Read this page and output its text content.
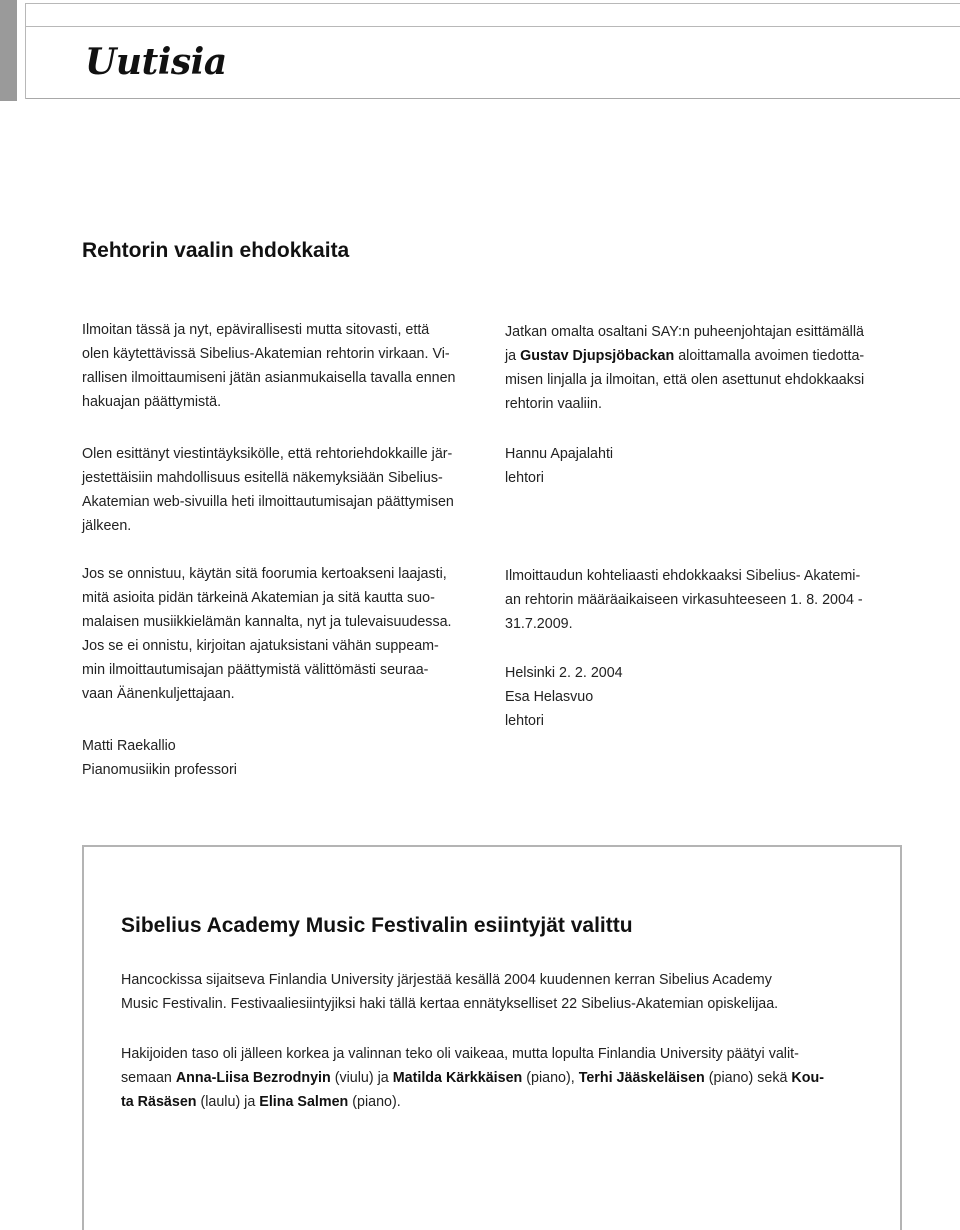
Uutisia
Rehtorin vaalin ehdokkaita

Ilmoitan tässä ja nyt, epävirallisesti mutta sitovasti, että
olen käytettävissä Sibelius-Akatemian rehtorin virkaan. Vi-
rallisen ilmoittaumiseni jätän asianmukaisella tavalla ennen
hakuajan päättymistä.

Olen esittänyt viestintäyksikölle, että rehtoriehdokkaille jär-
jestettäisiin mahdollisuus esitellä näkemyksiään Sibelius-
Akatemian web-sivuilla heti ilmoittautumisajan päättymisen
jälkeen.

Jos se onnistuu, käytän sitä foorumia kertoakseni laajasti,
mitä asioita pidän tärkeinä Akatemian ja sitä kautta suo-
malaisen musiikkielämän kannalta, nyt ja tulevaisuudessa.
Jos se ei onnistu, kirjoitan ajatuksistani vähän suppeam-
min ilmoittautumisajan päättymistä välittömästi seuraa-
vaan Äänenkuljettajaan.

Matti Raekallio
Pianomusiikin professori

Jatkan omalta osaltani SAY:n puheenjohtajan esittämällä
ja Gustav Djupsjöbackan aloittamalla avoimen tiedotta-
misen linjalla ja ilmoitan, että olen asettunut ehdokkaaksi
rehtorin vaaliin.

Hannu Apajalahti
lehtori

Ilmoittaudun kohteliaasti ehdokkaaksi Sibelius- Akatemi-
an rehtorin määräaikaiseen virkasuhteeseen 1. 8. 2004 -
31.7.2009.

Helsinki 2. 2. 2004
Esa Helasvuo
lehtori

Sibelius Academy Music Festivalin esiintyjät valittu

Hancockissa sijaitseva Finlandia University järjestää kesällä 2004 kuudennen kerran Sibelius Academy
Music Festivalin. Festivaaliesiintyjiksi haki tällä kertaa ennätykselliset 22 Sibelius-Akatemian opiskelijaa.

Hakijoiden taso oli jälleen korkea ja valinnan teko oli vaikeaa, mutta lopulta Finlandia University päätyi valit-
semaan Anna-Liisa Bezrodnyin (viulu) ja Matilda Kärkkäisen (piano), Terhi Jääskeläisen (piano) sekä Kou-
ta Räsäsen (laulu) ja Elina Salmen (piano).
